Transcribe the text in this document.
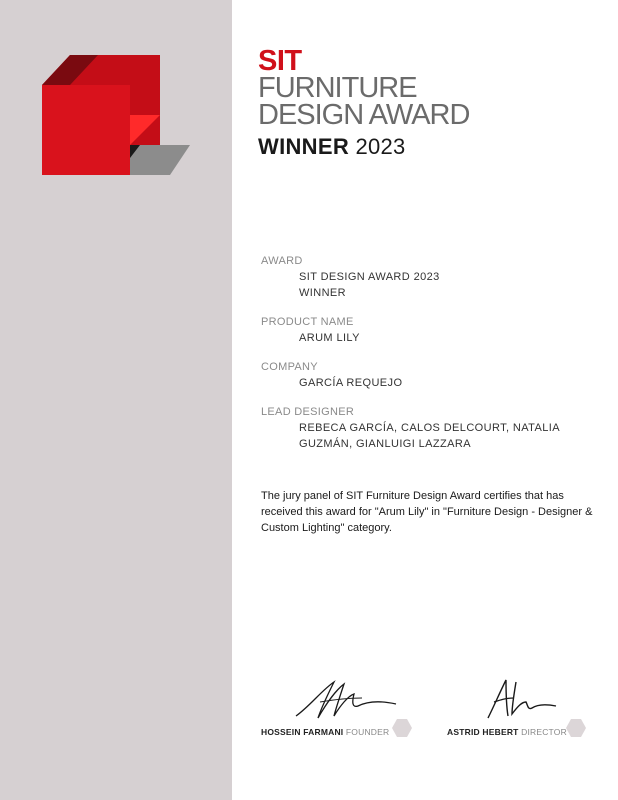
SIT
FURNITURE
DESIGN AWARD
WINNER 2023
AWARD
SIT DESIGN AWARD 2023
WINNER
PRODUCT NAME
ARUM LILY
COMPANY
GARCÍA REQUEJO
LEAD DESIGNER
REBECA GARCÍA, CALOS DELCOURT, NATALIA
GUZMÁN, GIANLUIGI LAZZARA
The jury panel of SIT Furniture Design Award certifies that has received this award for "Arum Lily" in "Furniture Design - Designer & Custom Lighting" category.
HOSSEIN FARMANI FOUNDER	ASTRID HEBERT DIRECTOR
